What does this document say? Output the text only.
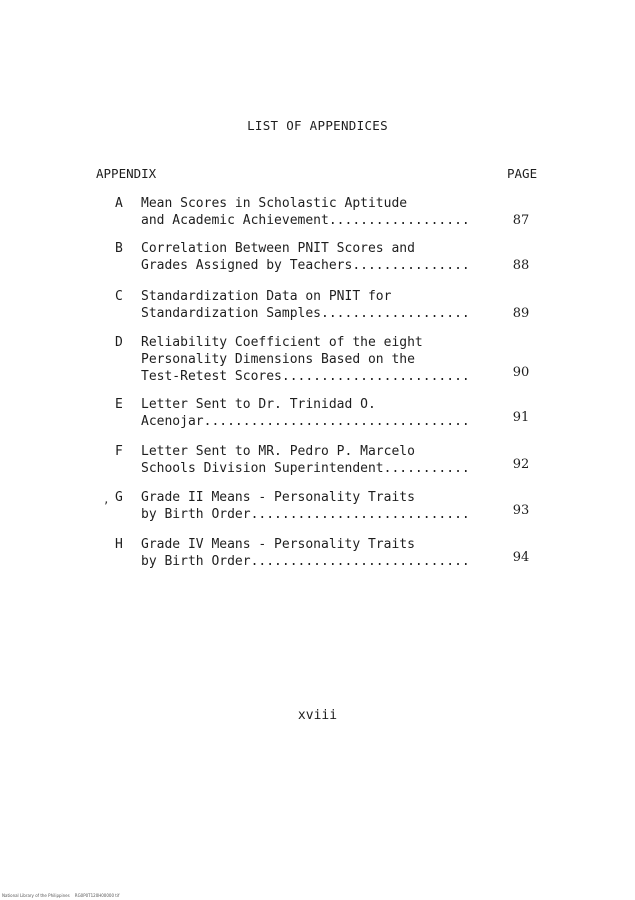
LIST OF APPENDICES
APPENDIX	PAGE
A Mean Scores in Scholastic Aptitude
and Academic Achievement..................	87
B Correlation Between PNIT Scores and
Grades Assigned by Teachers...............	88
C Standardization Data on PNIT for
Standardization Samples...................	89
D Reliability Coefficient of the eight
Personality Dimensions Based on the
Test-Retest Scores........................	90
E Letter Sent to Dr. Trinidad O.
Acenojar..................................	91
F Letter Sent to MR. Pedro P. Marcelo
Schools Division Superintendent...........	92
G Grade II Means - Personality Traits
by Birth Order............................	93
H Grade IV Means - Personality Traits
by Birth Order............................	94
‚
xviii
National Library of the Philippines    RG0P0T120H00000 tif
